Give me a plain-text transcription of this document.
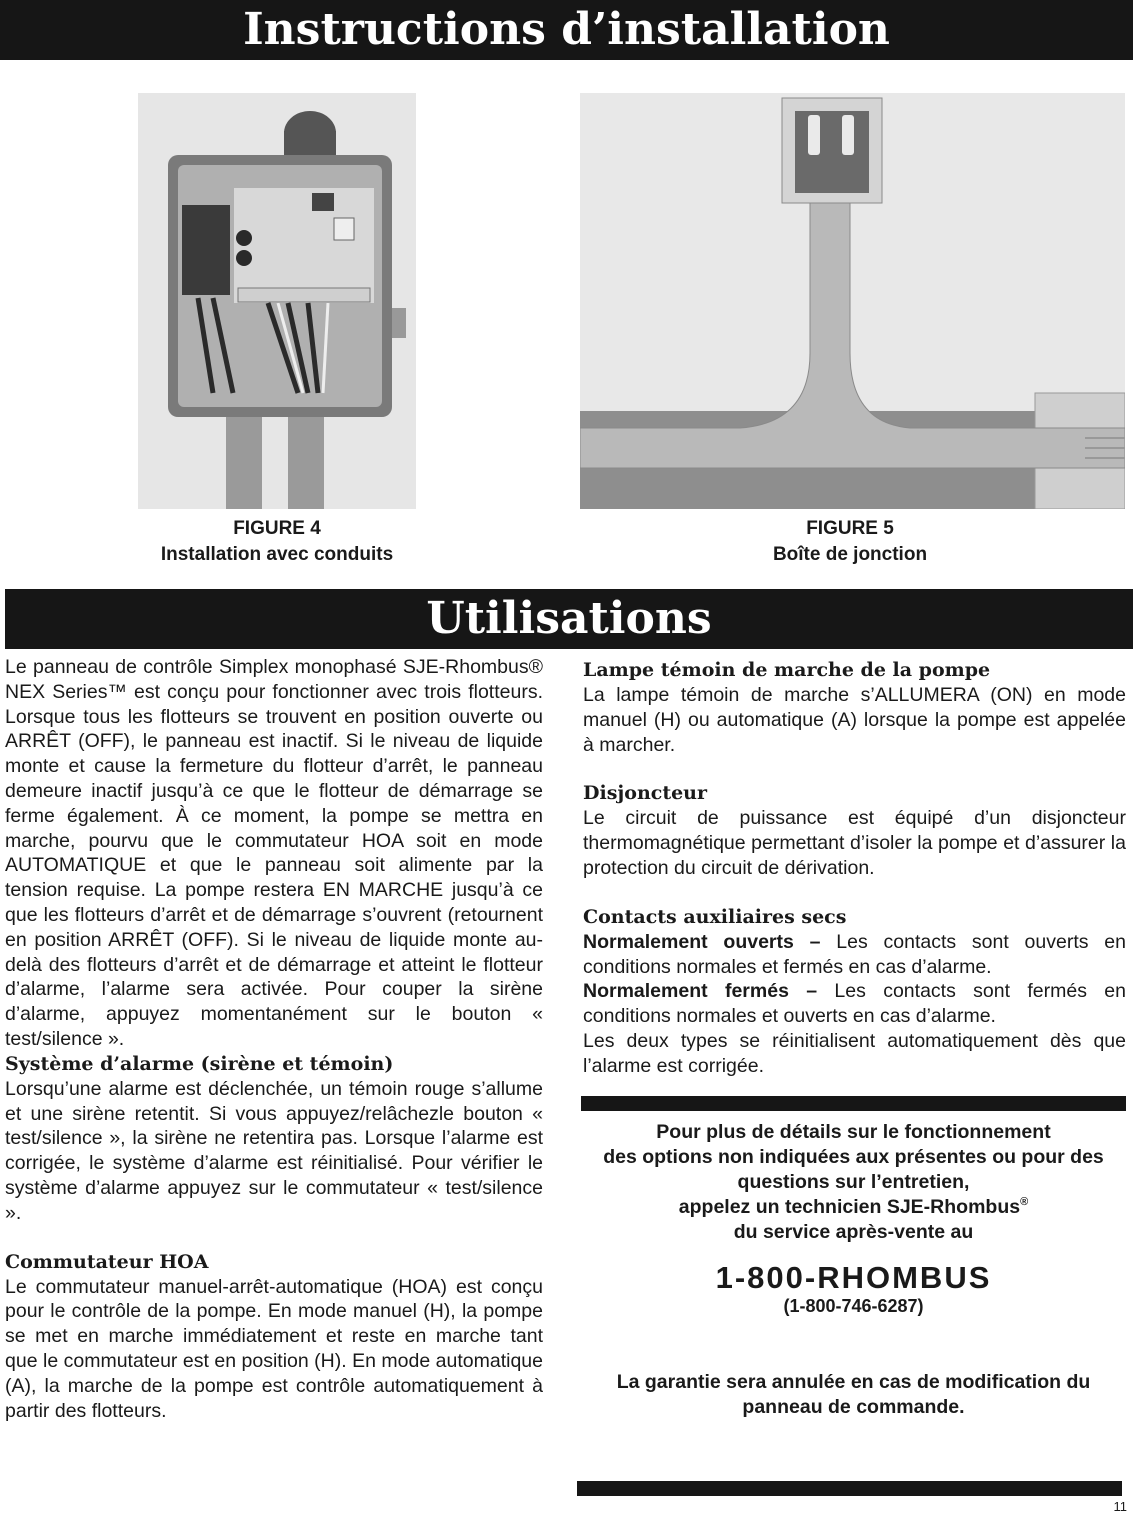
Instructions d’installation
FIGURE 4
Installation avec conduits
FIGURE 5
Boîte de jonction
Utilisations

Le panneau de contrôle Simplex monophasé SJE-Rhombus® NEX Series™ est conçu pour fonctionner avec trois flotteurs. Lorsque tous les flotteurs se trouvent en position ouverte ou ARRÊT (OFF), le panneau est inactif. Si le niveau de liquide monte et cause la fermeture du flotteur d’arrêt, le panneau demeure inactif jusqu’à ce que le flotteur de démarrage se ferme également. À ce moment, la pompe se mettra en marche, pourvu que le commutateur HOA soit en mode AUTOMATIQUE et que le panneau soit alimente par la tension requise. La pompe restera EN MARCHE jusqu’à ce que les flotteurs d’arrêt et de démarrage s’ouvrent (retournent en position ARRÊT (OFF). Si le niveau de liquide monte au-delà des flotteurs d’arrêt et de démarrage et atteint le flotteur d’alarme, l’alarme sera activée. Pour couper la sirène d’alarme, appuyez momentanément sur le bouton « test/silence ».

Système d’alarme (sirène et témoin)

Lorsqu’une alarme est déclenchée, un témoin rouge s’allume et une sirène retentit. Si vous appuyez/relâchezle bouton « test/silence », la sirène ne retentira pas. Lorsque l’alarme est corrigée, le système d’alarme est réinitialisé. Pour vérifier le système d’alarme appuyez sur le commutateur « test/silence ».

Commutateur HOA

Le commutateur manuel-arrêt-automatique (HOA) est conçu pour le contrôle de la pompe. En mode manuel (H), la pompe se met en marche immédiatement et reste en marche tant que le commutateur est en position (H). En mode automatique (A), la marche de la pompe est contrôle automatiquement à partir des flotteurs.

Lampe témoin de marche de la pompe

La lampe témoin de marche s’ALLUMERA (ON) en mode manuel (H) ou automatique (A) lorsque la pompe est appelée à marcher.

Disjoncteur

Le circuit de puissance est équipé d’un disjoncteur thermomagnétique permettant d’isoler la pompe et d’assurer la protection du circuit de dérivation.

Contacts auxiliaires secs

Normalement ouverts – Les contacts sont ouverts en conditions normales et fermés en cas d’alarme.

Normalement fermés – Les contacts sont fermés en conditions normales et ouverts en cas d’alarme.

Les deux types se réinitialisent automatiquement dès que l’alarme est corrigée.

Pour plus de détails sur le fonctionnement
des options non indiquées aux présentes ou pour des questions sur l’entretien,
appelez un technicien SJE-Rhombus®
du service après-vente au
1-800-RHOMBUS
(1-800-746-6287)
La garantie sera annulée en cas de modification du panneau de commande.
11
